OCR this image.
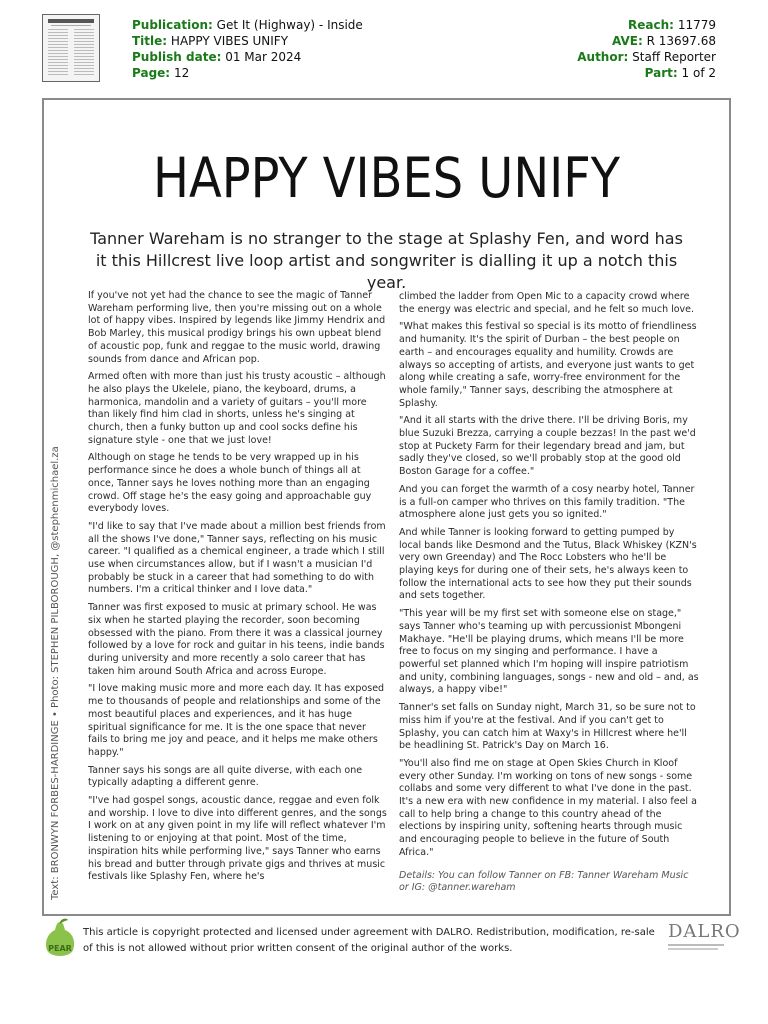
Publication: Get It (Highway) - Inside
Title: HAPPY VIBES UNIFY
Publish date: 01 Mar 2024
Page: 12
Reach: 11779
AVE: R 13697.68
Author: Staff Reporter
Part: 1 of 2
HAPPY VIBES UNIFY
Tanner Wareham is no stranger to the stage at Splashy Fen, and word has it this Hillcrest live loop artist and songwriter is dialling it up a notch this year.
Text: BRONWYN FORBES-HARDINGE • Photo: STEPHEN PILBOROUGH, @stephenmichael.za

If you've not yet had the chance to see the magic of Tanner Wareham performing live, then you're missing out on a whole lot of happy vibes. Inspired by legends like Jimmy Hendrix and Bob Marley, this musical prodigy brings his own upbeat blend of acoustic pop, funk and reggae to the music world, drawing sounds from dance and African pop.

Armed often with more than just his trusty acoustic – although he also plays the Ukelele, piano, the keyboard, drums, a harmonica, mandolin and a variety of guitars – you'll more than likely find him clad in shorts, unless he's singing at church, then a funky button up and cool socks define his signature style - one that we just love!

Although on stage he tends to be very wrapped up in his performance since he does a whole bunch of things all at once, Tanner says he loves nothing more than an engaging crowd. Off stage he's the easy going and approachable guy everybody loves.

"I'd like to say that I've made about a million best friends from all the shows I've done," Tanner says, reflecting on his music career. "I qualified as a chemical engineer, a trade which I still use when circumstances allow, but if I wasn't a musician I'd probably be stuck in a career that had something to do with numbers. I'm a critical thinker and I love data."

Tanner was first exposed to music at primary school. He was six when he started playing the recorder, soon becoming obsessed with the piano. From there it was a classical journey followed by a love for rock and guitar in his teens, indie bands during university and more recently a solo career that has taken him around South Africa and across Europe.

"I love making music more and more each day. It has exposed me to thousands of people and relationships and some of the most beautiful places and experiences, and it has huge spiritual significance for me. It is the one space that never fails to bring me joy and peace, and it helps me make others happy."

Tanner says his songs are all quite diverse, with each one typically adapting a different genre.

"I've had gospel songs, acoustic dance, reggae and even folk and worship. I love to dive into different genres, and the songs I work on at any given point in my life will reflect whatever I'm listening to or enjoying at that point. Most of the time, inspiration hits while performing live," says Tanner who earns his bread and butter through private gigs and thrives at music festivals like Splashy Fen, where he's

climbed the ladder from Open Mic to a capacity crowd where the energy was electric and special, and he felt so much love.

"What makes this festival so special is its motto of friendliness and humanity. It's the spirit of Durban – the best people on earth – and encourages equality and humility. Crowds are always so accepting of artists, and everyone just wants to get along while creating a safe, worry-free environment for the whole family," Tanner says, describing the atmosphere at Splashy.

"And it all starts with the drive there. I'll be driving Boris, my blue Suzuki Brezza, carrying a couple bezzas! In the past we'd stop at Puckety Farm for their legendary bread and jam, but sadly they've closed, so we'll probably stop at the good old Boston Garage for a coffee."

And you can forget the warmth of a cosy nearby hotel, Tanner is a full-on camper who thrives on this family tradition. "The atmosphere alone just gets you so ignited."

And while Tanner is looking forward to getting pumped by local bands like Desmond and the Tutus, Black Whiskey (KZN's very own Greenday) and The Rocc Lobsters who he'll be playing keys for during one of their sets, he's always keen to follow the international acts to see how they put their sounds and sets together.

"This year will be my first set with someone else on stage," says Tanner who's teaming up with percussionist Mbongeni Makhaye. "He'll be playing drums, which means I'll be more free to focus on my singing and performance. I have a powerful set planned which I'm hoping will inspire patriotism and unity, combining languages, songs - new and old – and, as always, a happy vibe!"

Tanner's set falls on Sunday night, March 31, so be sure not to miss him if you're at the festival. And if you can't get to Splashy, you can catch him at Waxy's in Hillcrest where he'll be headlining St. Patrick's Day on March 16.

"You'll also find me on stage at Open Skies Church in Kloof every other Sunday. I'm working on tons of new songs - some collabs and some very different to what I've done in the past. It's a new era with new confidence in my material. I also feel a call to help bring a change to this country ahead of the elections by inspiring unity, softening hearts through music and encouraging people to believe in the future of South Africa."

Details: You can follow Tanner on FB: Tanner Wareham Music or IG: @tanner.wareham

PEAR
This article is copyright protected and licensed under agreement with DALRO. Redistribution, modification, re-sale of this is not allowed without prior written consent of the original author of the works.
DALRO
